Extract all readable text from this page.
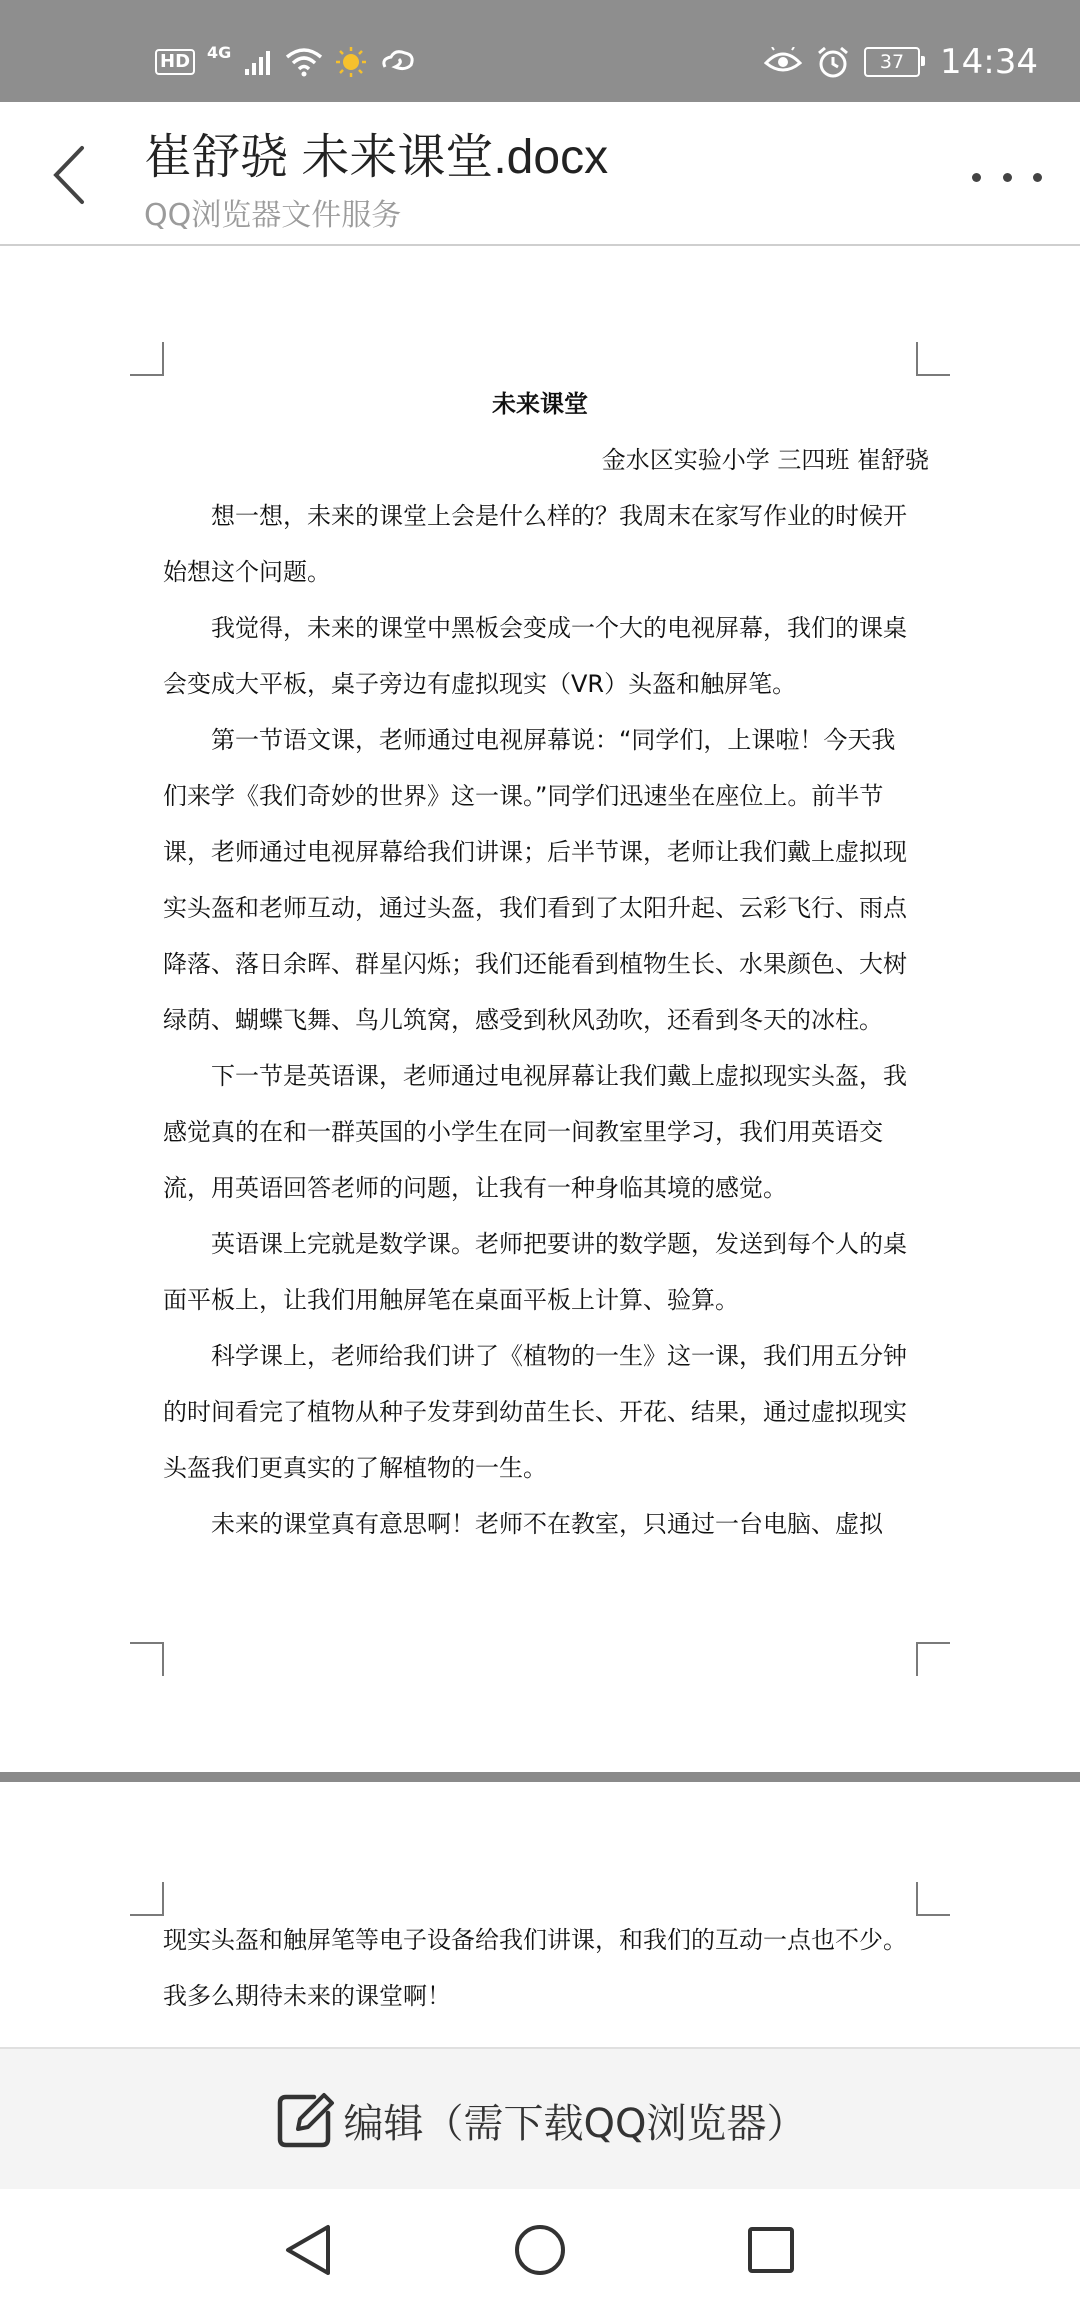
HD	4G	37 14:34
崔舒骁 未来课堂.docx
QQ浏览器文件服务
未来课堂
金水区实验小学 三四班 崔舒骁

想一想，未来的课堂上会是什么样的？我周末在家写作业的时候开始想这个问题。

我觉得，未来的课堂中黑板会变成一个大的电视屏幕，我们的课桌会变成大平板，桌子旁边有虚拟现实（VR）头盔和触屏笔。

第一节语文课，老师通过电视屏幕说：“同学们，上课啦！今天我们来学《我们奇妙的世界》这一课。”同学们迅速坐在座位上。前半节课，老师通过电视屏幕给我们讲课；后半节课，老师让我们戴上虚拟现实头盔和老师互动，通过头盔，我们看到了太阳升起、云彩飞行、雨点降落、落日余晖、群星闪烁；我们还能看到植物生长、水果颜色、大树绿荫、蝴蝶飞舞、鸟儿筑窝，感受到秋风劲吹，还看到冬天的冰柱。

下一节是英语课，老师通过电视屏幕让我们戴上虚拟现实头盔，我感觉真的在和一群英国的小学生在同一间教室里学习，我们用英语交流，用英语回答老师的问题，让我有一种身临其境的感觉。

英语课上完就是数学课。老师把要讲的数学题，发送到每个人的桌面平板上，让我们用触屏笔在桌面平板上计算、验算。

科学课上，老师给我们讲了《植物的一生》这一课，我们用五分钟的时间看完了植物从种子发芽到幼苗生长、开花、结果，通过虚拟现实头盔我们更真实的了解植物的一生。

未来的课堂真有意思啊！老师不在教室，只通过一台电脑、虚拟

现实头盔和触屏笔等电子设备给我们讲课，和我们的互动一点也不少。我多么期待未来的课堂啊！
编辑（需下载QQ浏览器）
